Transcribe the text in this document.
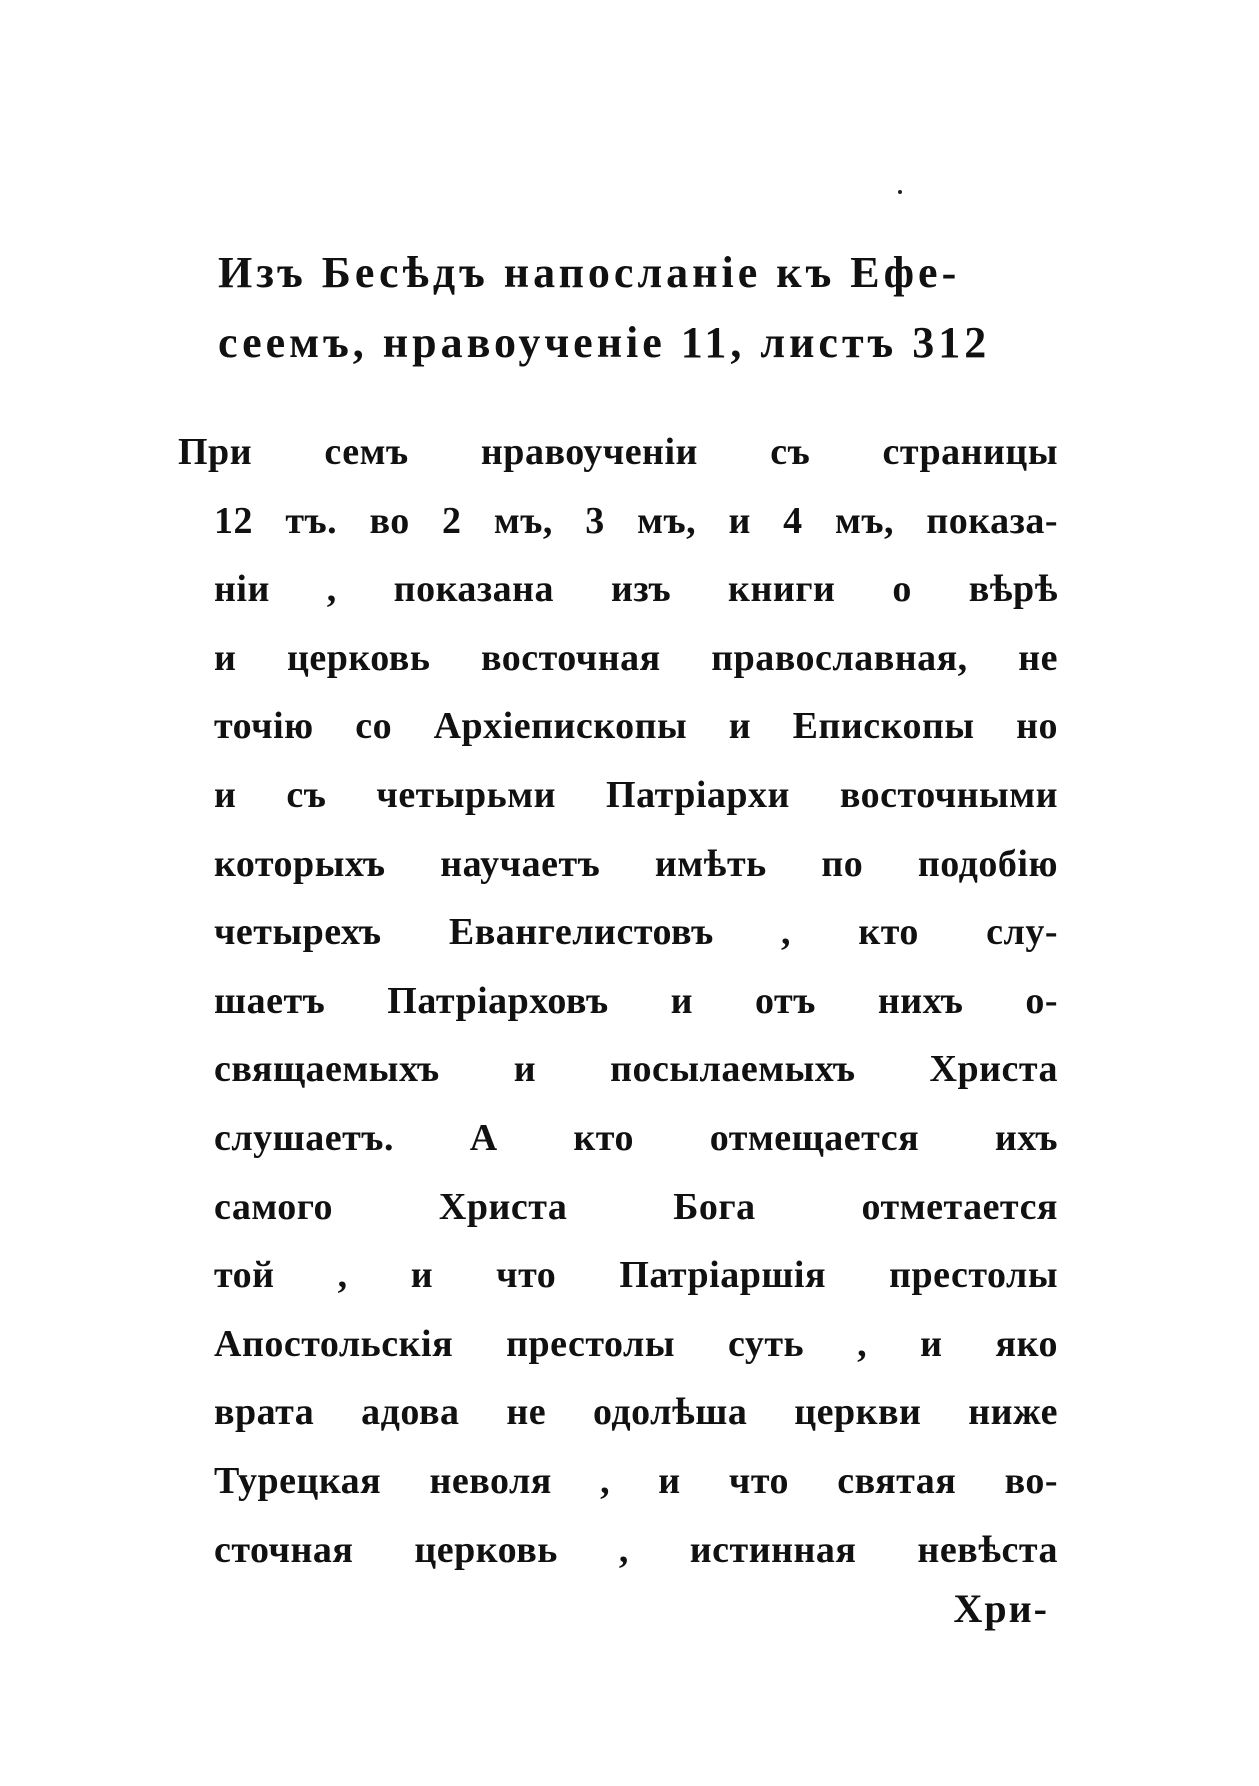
Изъ Бесѣдъ напосланіе къ Ефе-
сеемъ, нравоученіе 11, листъ 312
При семъ нравоученіи съ страницы
12 тъ. во 2 мъ, 3 мъ, и 4 мъ, показа-
ніи , показана изъ книги о вѣрѣ
и церковь восточная православная, не
точію со Архіепископы и Епископы но
и съ четырьми Патріархи восточными
которыхъ научаетъ имѣть по подобію
четырехъ Евангелистовъ , кто слу-
шаетъ Патріарховъ и отъ нихъ о-
свящаемыхъ и посылаемыхъ Христа
слушаетъ. А кто отмещается ихъ
самого Христа Бога отметается
той , и что Патріаршія престолы
Апостольскія престолы суть , и яко
врата адова не одолѣша церкви ниже
Турецкая неволя , и что святая во-
сточная церковь , истинная невѣста
Хри-
